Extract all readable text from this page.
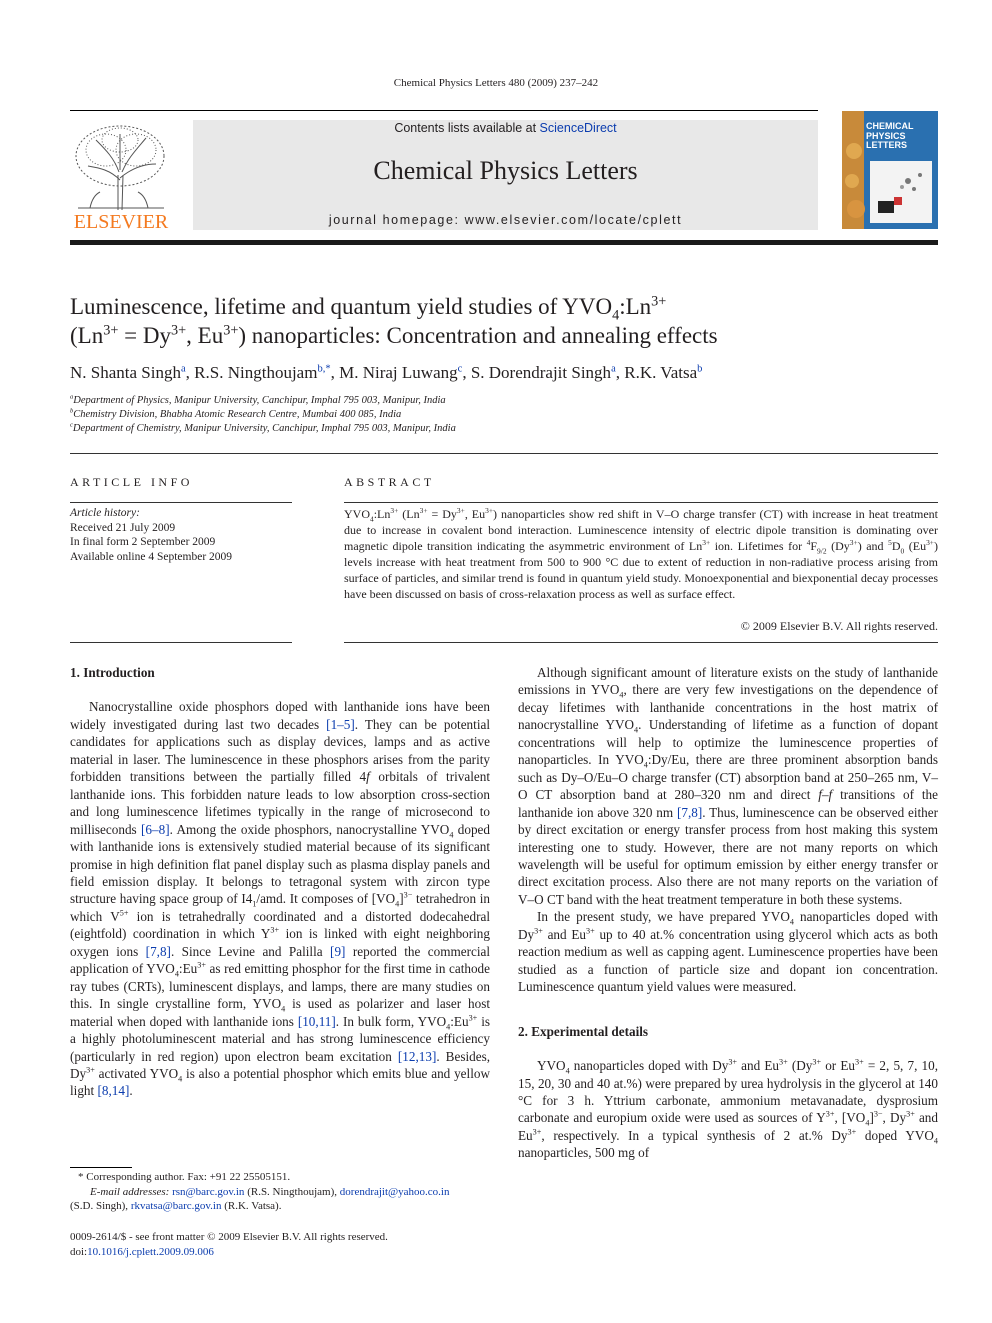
Chemical Physics Letters 480 (2009) 237–242
ELSEVIER
Contents lists available at ScienceDirect
Chemical Physics Letters
journal homepage: www.elsevier.com/locate/cplett
CHEMICAL
PHYSICS
LETTERS
Luminescence, lifetime and quantum yield studies of $YVO_4:Ln^{3+}$
($Ln^{3+} = Dy^{3+}$, $Eu^{3+}$) nanoparticles: Concentration and annealing effects
N. Shanta Singh$^a$, R.S. Ningthoujam$^{b,*}$, M. Niraj Luwang$^c$, S. Dorendrajit Singh$^a$, R.K. Vatsa$^b$
$^a$Department of Physics, Manipur University, Canchipur, Imphal 795 003, Manipur, India
$^b$Chemistry Division, Bhabha Atomic Research Centre, Mumbai 400 085, India
$^c$Department of Chemistry, Manipur University, Canchipur, Imphal 795 003, Manipur, India
ARTICLE INFO	ABSTRACT
Article history:
Received 21 July 2009
In final form 2 September 2009
Available online 4 September 2009
$YVO_4:Ln^{3+}$ ($Ln^{3+} = Dy^{3+}$, $Eu^{3+}$) nanoparticles show red shift in V–O charge transfer (CT) with increase in heat treatment due to increase in covalent bond interaction. Luminescence intensity of electric dipole transition is dominating over magnetic dipole transition indicating the asymmetric environment of $Ln^{3+}$ ion. Lifetimes for $^4F_{9/2}$ $(Dy^{3+})$ and $^5D_0$ $(Eu^{3+})$ levels increase with heat treatment from 500 to 900 °C due to extent of reduction in non-radiative process arising from surface of particles, and similar trend is found in quantum yield study. Monoexponential and biexponential decay processes have been discussed on basis of cross-relaxation process as well as surface effect.
© 2009 Elsevier B.V. All rights reserved.
1. Introduction

Nanocrystalline oxide phosphors doped with lanthanide ions have been widely investigated during last two decades [1–5]. They can be potential candidates for applications such as display devices, lamps and as active material in laser. The luminescence in these phosphors arises from the parity forbidden transitions between the partially filled 4f orbitals of trivalent lanthanide ions. This forbidden nature leads to low absorption cross-section and long luminescence lifetimes typically in the range of microsecond to milliseconds [6–8]. Among the oxide phosphors, nanocrystalline $YVO_4$ doped with lanthanide ions is extensively studied material because of its significant promise in high definition flat panel display such as plasma display panels and field emission display. It belongs to tetragonal system with zircon type structure having space group of $I4_1$/amd. It composes of $[VO_4]^{3-}$ tetrahedron in which $V^{5+}$ ion is tetrahedrally coordinated and a distorted dodecahedral (eightfold) coordination in which $Y^{3+}$ ion is linked with eight neighboring oxygen ions [7,8]. Since Levine and Palilla [9] reported the commercial application of $YVO_4:Eu^{3+}$ as red emitting phosphor for the first time in cathode ray tubes (CRTs), luminescent displays, and lamps, there are many studies on this. In single crystalline form, $YVO_4$ is used as polarizer and laser host material when doped with lanthanide ions [10,11]. In bulk form, $YVO_4:Eu^{3+}$ is a highly photoluminescent material and has strong luminescence efficiency (particularly in red region) upon electron beam excitation [12,13]. Besides, $Dy^{3+}$ activated $YVO_4$ is also a potential phosphor which emits blue and yellow light [8,14].

Although significant amount of literature exists on the study of lanthanide emissions in $YVO_4$, there are very few investigations on the dependence of decay lifetimes with lanthanide concentrations in the host matrix of nanocrystalline $YVO_4$. Understanding of lifetime as a function of dopant concentrations will help to optimize the luminescence properties of nanoparticles. In $YVO_4:Dy/Eu$, there are three prominent absorption bands such as Dy–O/Eu–O charge transfer (CT) absorption band at 250–265 nm, V–O CT absorption band at 280–320 nm and direct f–f transitions of the lanthanide ion above 320 nm [7,8]. Thus, luminescence can be observed either by direct excitation or energy transfer process from host making this system interesting one to study. However, there are not many reports on which wavelength will be useful for optimum emission by either energy transfer or direct excitation process. Also there are not many reports on the variation of V–O CT band with the heat treatment temperature in both these systems.

In the present study, we have prepared $YVO_4$ nanoparticles doped with $Dy^{3+}$ and $Eu^{3+}$ up to 40 at.% concentration using glycerol which acts as both reaction medium as well as capping agent. Luminescence properties have been studied as a function of particle size and dopant ion concentration. Luminescence quantum yield values were measured.

2. Experimental details

$YVO_4$ nanoparticles doped with $Dy^{3+}$ and $Eu^{3+}$ ($Dy^{3+}$ or $Eu^{3+} = 2$, 5, 7, 10, 15, 20, 30 and 40 at.%) were prepared by urea hydrolysis in the glycerol at 140 °C for 3 h. Yttrium carbonate, ammonium metavanadate, dysprosium carbonate and europium oxide were used as sources of $Y^{3+}$, $[VO_4]^{3-}$, $Dy^{3+}$ and $Eu^{3+}$, respectively. In a typical synthesis of 2 at.% $Dy^{3+}$ doped $YVO_4$ nanoparticles, 500 mg of

* Corresponding author. Fax: +91 22 25505151.
E-mail addresses: rsn@barc.gov.in (R.S. Ningthoujam), dorendrajit@yahoo.co.in
(S.D. Singh), rkvatsa@barc.gov.in (R.K. Vatsa).
0009-2614/$ - see front matter © 2009 Elsevier B.V. All rights reserved.
doi:10.1016/j.cplett.2009.09.006
